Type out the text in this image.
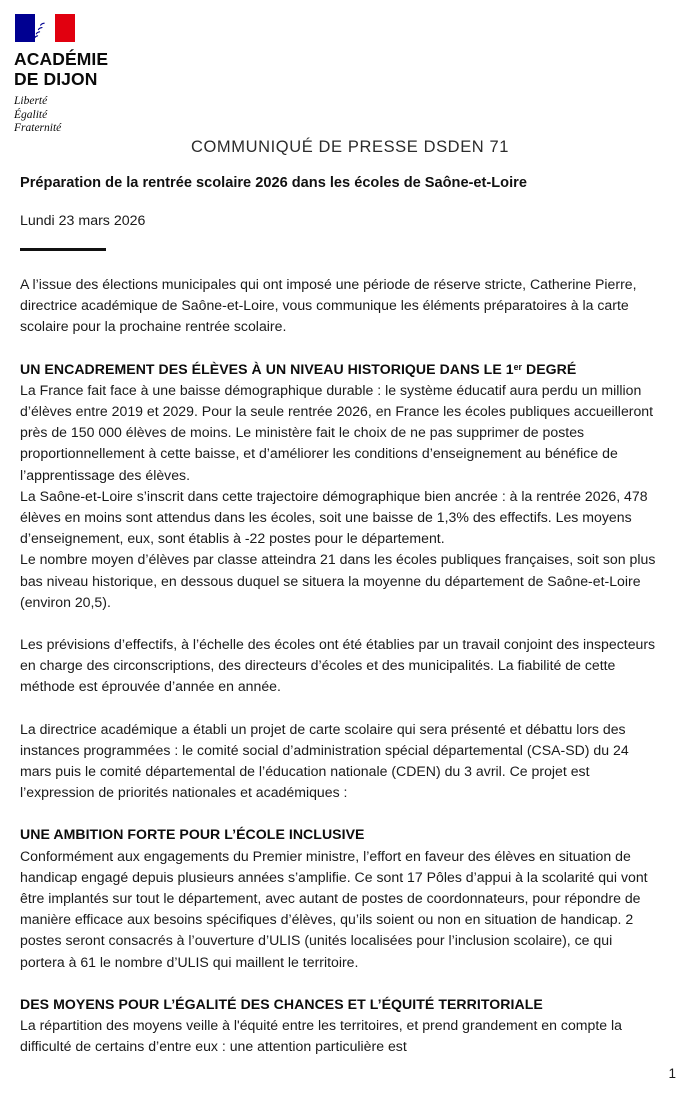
ACADÉMIE
DE DIJON
Liberté
Égalité
Fraternité
COMMUNIQUÉ DE PRESSE DSDEN 71
Préparation de la rentrée scolaire 2026 dans les écoles de Saône-et-Loire
Lundi 23 mars 2026

A l’issue des élections municipales qui ont imposé une période de réserve stricte, Catherine Pierre, directrice académique de Saône-et-Loire, vous communique les éléments préparatoires à la carte scolaire pour la prochaine rentrée scolaire.

UN ENCADREMENT DES ÉLÈVES À UN NIVEAU HISTORIQUE DANS LE 1er DEGRÉ

La France fait face à une baisse démographique durable : le système éducatif aura perdu un million d’élèves entre 2019 et 2029. Pour la seule rentrée 2026, en France les écoles publiques accueilleront près de 150 000 élèves de moins. Le ministère fait le choix de ne pas supprimer de postes proportionnellement à cette baisse, et d’améliorer les conditions d’enseignement au bénéfice de l’apprentissage des élèves.

La Saône-et-Loire s’inscrit dans cette trajectoire démographique bien ancrée : à la rentrée 2026, 478 élèves en moins sont attendus dans les écoles, soit une baisse de 1,3% des effectifs. Les moyens d’enseignement, eux, sont établis à -22 postes pour le département.

Le nombre moyen d’élèves par classe atteindra 21 dans les écoles publiques françaises, soit son plus bas niveau historique, en dessous duquel se situera la moyenne du département de Saône-et-Loire (environ 20,5).

Les prévisions d’effectifs, à l’échelle des écoles ont été établies par un travail conjoint des inspecteurs en charge des circonscriptions, des directeurs d’écoles et des municipalités. La fiabilité de cette méthode est éprouvée d’année en année.

La directrice académique a établi un projet de carte scolaire qui sera présenté et débattu lors des instances programmées : le comité social d’administration spécial départemental (CSA-SD) du 24 mars puis le comité départemental de l’éducation nationale (CDEN) du 3 avril. Ce projet est l’expression de priorités nationales et académiques :

UNE AMBITION FORTE POUR L’ÉCOLE INCLUSIVE

Conformément aux engagements du Premier ministre, l’effort en faveur des élèves en situation de handicap engagé depuis plusieurs années s’amplifie. Ce sont 17 Pôles d’appui à la scolarité qui vont être implantés sur tout le département, avec autant de postes de coordonnateurs, pour répondre de manière efficace aux besoins spécifiques d’élèves, qu’ils soient ou non en situation de handicap. 2 postes seront consacrés à l’ouverture d’ULIS (unités localisées pour l’inclusion scolaire), ce qui portera à 61 le nombre d’ULIS qui maillent le territoire.

DES MOYENS POUR L’ÉGALITÉ DES CHANCES ET L’ÉQUITÉ TERRITORIALE

La répartition des moyens veille à l'équité entre les territoires, et prend grandement en compte la difficulté de certains d’entre eux : une attention particulière est

1
